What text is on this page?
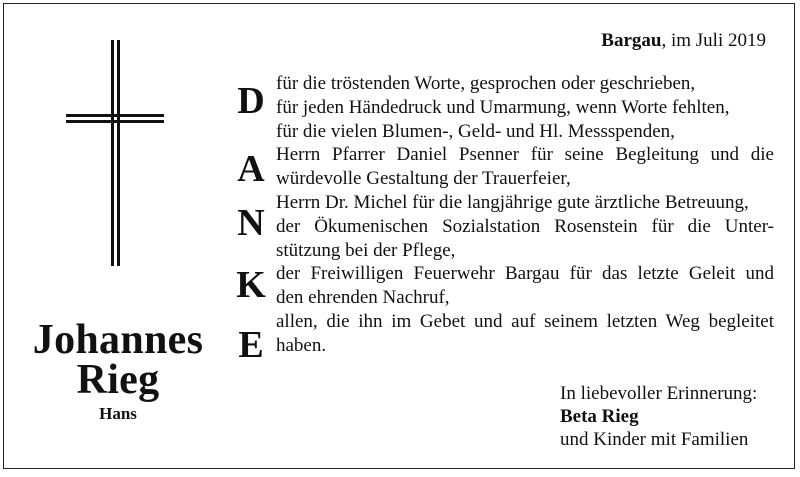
Bargau, im Juli 2019
Johannes
Rieg
Hans
D
A
N
K
E
für die tröstenden Worte, gesprochen oder geschrieben,
für jeden Händedruck und Umarmung, wenn Worte fehlten,
für die vielen Blumen-, Geld- und Hl. Messspenden,
Herrn Pfarrer Daniel Psenner für seine Begleitung und die
würdevolle Gestaltung der Trauerfeier,
Herrn Dr. Michel für die langjährige gute ärztliche Betreuung,
der Ökumenischen Sozialstation Rosenstein für die Unter-
stützung bei der Pflege,
der Freiwilligen Feuerwehr Bargau für das letzte Geleit und
den ehrenden Nachruf,
allen, die ihn im Gebet und auf seinem letzten Weg begleitet
haben.
In liebevoller Erinnerung:
Beta Rieg
und Kinder mit Familien
